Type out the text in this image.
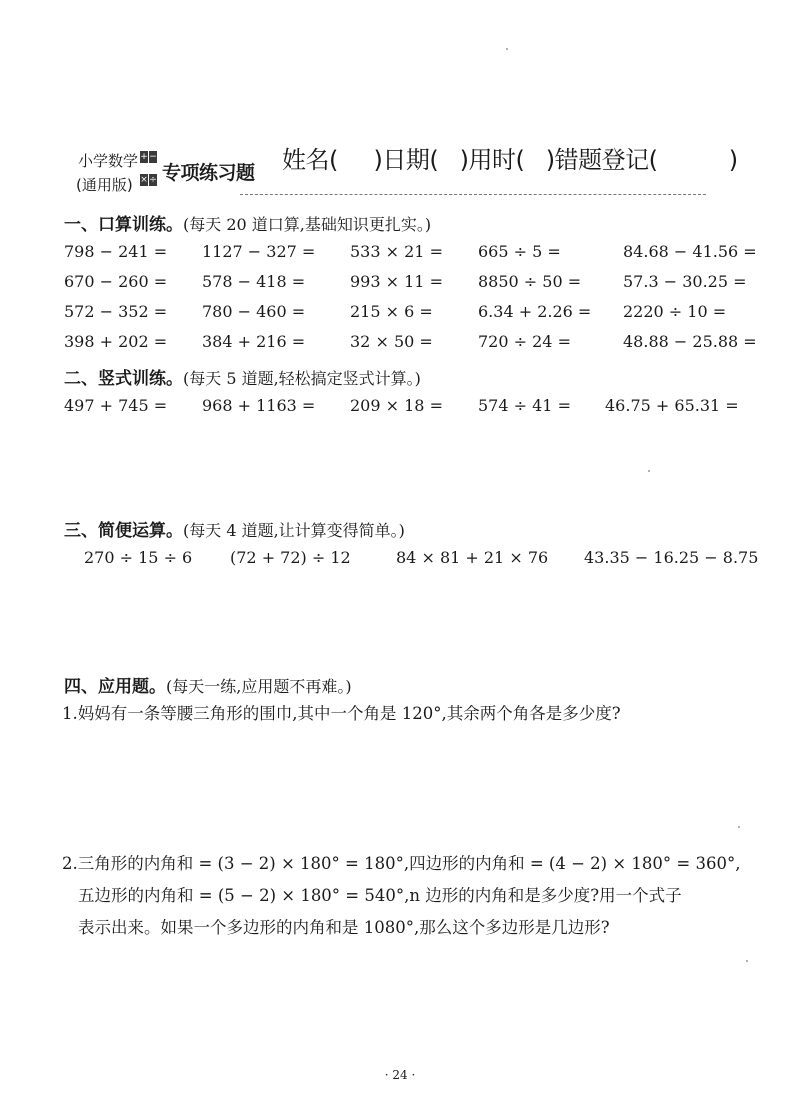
小学数学
(通用版)
+ −
× ÷ 专项练习题 姓名(     )日期(   )用时(   )错题登记(          )
一、口算训练。(每天 20 道口算,基础知识更扎实。)
798 − 241 = 1127 − 327 = 533 × 21 = 665 ÷ 5 =	84.68 − 41.56 =
670 − 260 = 578 − 418 =	993 × 11 = 8850 ÷ 50 =	57.3 − 30.25 =
572 − 352 = 780 − 460 =	215 × 6 =	6.34 + 2.26 = 2220 ÷ 10 =
398 + 202 = 384 + 216 =	32 × 50 =	720 ÷ 24 =	48.88 − 25.88 =
二、竖式训练。(每天 5 道题,轻松搞定竖式计算。)
497 + 745 = 968 + 1163 = 209 × 18 = 574 ÷ 41 = 46.75 + 65.31 =
三、简便运算。(每天 4 道题,让计算变得简单。)
270 ÷ 15 ÷ 6 (72 + 72) ÷ 12	84 × 81 + 21 × 76 43.35 − 16.25 − 8.75
四、应用题。(每天一练,应用题不再难。)
1.妈妈有一条等腰三角形的围巾,其中一个角是 120°,其余两个角各是多少度?
2.三角形的内角和 = (3 − 2) × 180° = 180°,四边形的内角和 = (4 − 2) × 180° = 360°,
五边形的内角和 = (5 − 2) × 180° = 540°,n 边形的内角和是多少度?用一个式子
表示出来。如果一个多边形的内角和是 1080°,那么这个多边形是几边形?
· 24 ·
